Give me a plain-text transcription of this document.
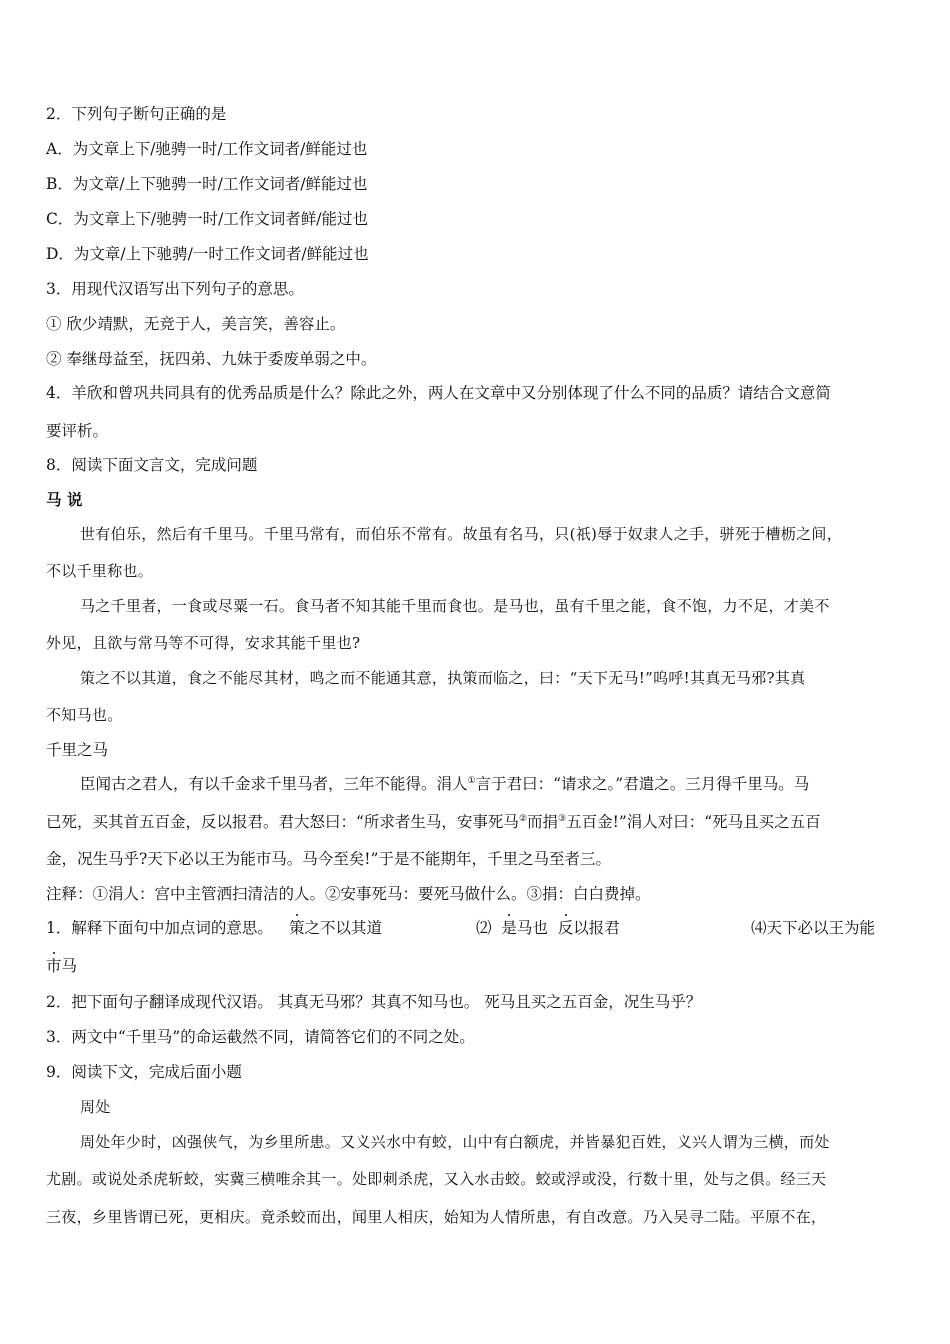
2．下列句子断句正确的是
A．为文章上下/驰骋一时/工作文词者/鲜能过也
B．为文章/上下驰骋一时/工作文词者/鲜能过也
C．为文章上下/驰骋一时/工作文词者鲜/能过也
D．为文章/上下驰骋/一时工作文词者/鲜能过也
3．用现代汉语写出下列句子的意思。
① 欣少靖默，无竞于人，美言笑，善容止。
② 奉继母益至，抚四弟、九妹于委废单弱之中。
4．羊欣和曾巩共同具有的优秀品质是什么？除此之外，两人在文章中又分别体现了什么不同的品质？请结合文意简
要评析。
8．阅读下面文言文，完成问题
马 说
世有伯乐，然后有千里马。千里马常有，而伯乐不常有。故虽有名马，只(祇)辱于奴隶人之手，骈死于槽枥之间，
不以千里称也。
马之千里者，一食或尽粟一石。食马者不知其能千里而食也。是马也，虽有千里之能，食不饱，力不足，才美不
外见，且欲与常马等不可得，安求其能千里也?
策之不以其道，食之不能尽其材，鸣之而不能通其意，执策而临之，曰：“天下无马!”呜呼!其真无马邪?其真
不知马也。
千里之马
臣闻古之君人，有以千金求千里马者，三年不能得。涓人①言于君曰：“请求之。”君遣之。三月得千里马。马
已死，买其首五百金，反以报君。君大怒曰：“所求者生马，安事死马②而捐③五百金!”涓人对曰：“死马且买之五百
金，况生马乎?天下必以王为能市马。马今至矣!”于是不能期年，千里之马至者三。
注释：①涓人：宫中主管洒扫清洁的人。②安事死马：要死马做什么。③捐：白白费掉。
1．解释下面句中加点词的意思。 策之不以其道	⑵ 是马也 反以报君	⑷天下必以王为能
市马
2．把下面句子翻译成现代汉语。 其真无马邪？其真不知马也。 死马且买之五百金，况生马乎？
3．两文中“千里马”的命运截然不同，请简答它们的不同之处。
9．阅读下文，完成后面小题
周处
周处年少时，凶强侠气，为乡里所患。又义兴水中有蛟，山中有白额虎，并皆暴犯百姓，义兴人谓为三横，而处
尤剧。或说处杀虎斩蛟，实冀三横唯余其一。处即刺杀虎，又入水击蛟。蛟或浮或没，行数十里，处与之俱。经三天
三夜，乡里皆谓已死，更相庆。竟杀蛟而出，闻里人相庆，始知为人情所患，有自改意。乃入吴寻二陆。平原不在，
